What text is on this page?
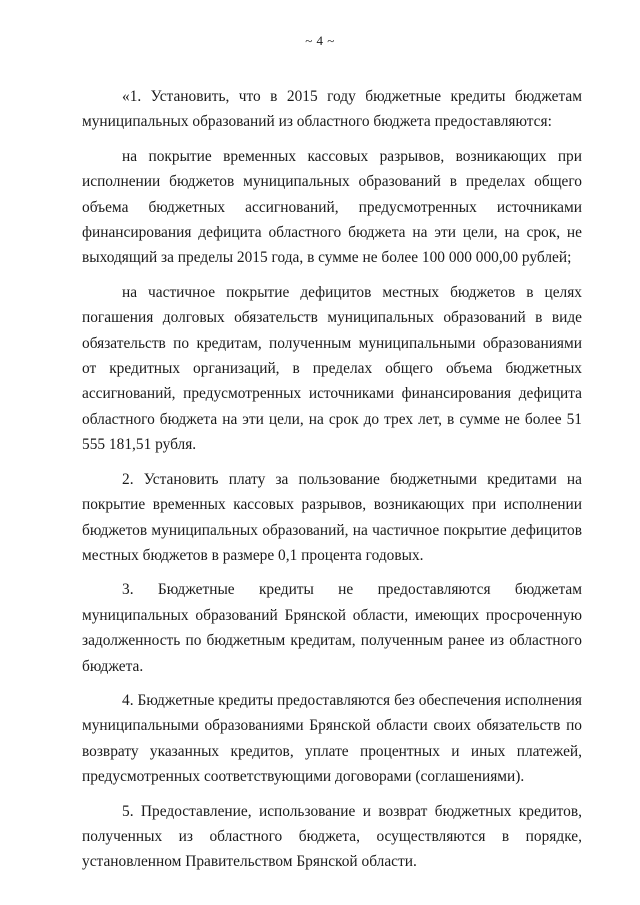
~ 4 ~

«1. Установить, что в 2015 году бюджетные кредиты бюджетам муниципальных образований из областного бюджета предоставляются:

на покрытие временных кассовых разрывов, возникающих при исполнении бюджетов муниципальных образований в пределах общего объема бюджетных ассигнований, предусмотренных источниками финансирования дефицита областного бюджета на эти цели, на срок, не выходящий за пределы 2015 года, в сумме не более 100 000 000,00 рублей;

на частичное покрытие дефицитов местных бюджетов в целях погашения долговых обязательств муниципальных образований в виде обязательств по кредитам, полученным муниципальными образованиями от кредитных организаций, в пределах общего объема бюджетных ассигнований, предусмотренных источниками финансирования дефицита областного бюджета на эти цели, на срок до трех лет, в сумме не более 51 555 181,51 рубля.

2. Установить плату за пользование бюджетными кредитами на покрытие временных кассовых разрывов, возникающих при исполнении бюджетов муниципальных образований, на частичное покрытие дефицитов местных бюджетов в размере 0,1 процента годовых.

3. Бюджетные кредиты не предоставляются бюджетам муниципальных образований Брянской области, имеющих просроченную задолженность по бюджетным кредитам, полученным ранее из областного бюджета.

4. Бюджетные кредиты предоставляются без обеспечения исполнения муниципальными образованиями Брянской области своих обязательств по возврату указанных кредитов, уплате процентных и иных платежей, предусмотренных соответствующими договорами (соглашениями).

5. Предоставление, использование и возврат бюджетных кредитов, полученных из областного бюджета, осуществляются в порядке, установленном Правительством Брянской области.
